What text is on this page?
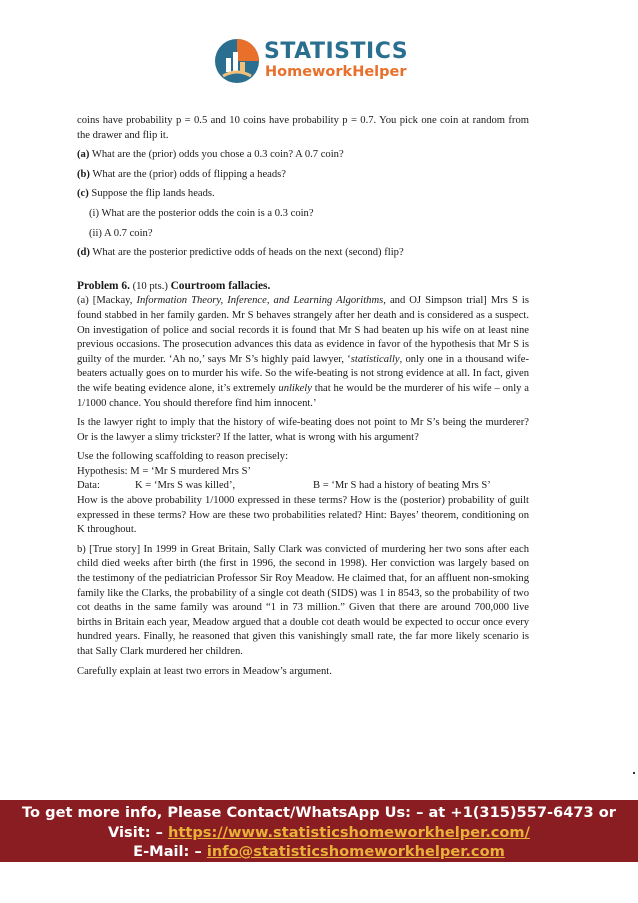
STATISTICS
HomeworkHelper

coins have probability p = 0.5 and 10 coins have probability p = 0.7. You pick one coin at random from the drawer and flip it.

(a) What are the (prior) odds you chose a 0.3 coin? A 0.7 coin?

(b) What are the (prior) odds of flipping a heads?

(c) Suppose the flip lands heads.

(i) What are the posterior odds the coin is a 0.3 coin?

(ii) A 0.7 coin?

(d) What are the posterior predictive odds of heads on the next (second) flip?

Problem 6. (10 pts.) Courtroom fallacies.

(a) [Mackay, Information Theory, Inference, and Learning Algorithms, and OJ Simpson trial] Mrs S is found stabbed in her family garden. Mr S behaves strangely after her death and is considered as a suspect. On investigation of police and social records it is found that Mr S had beaten up his wife on at least nine previous occasions. The prosecution advances this data as evidence in favor of the hypothesis that Mr S is guilty of the murder. ‘Ah no,’ says Mr S’s highly paid lawyer, ‘statistically, only one in a thousand wife-beaters actually goes on to murder his wife. So the wife-beating is not strong evidence at all. In fact, given the wife beating evidence alone, it’s extremely unlikely that he would be the murderer of his wife – only a 1/1000 chance. You should therefore find him innocent.’

Is the lawyer right to imply that the history of wife-beating does not point to Mr S’s being the murderer? Or is the lawyer a slimy trickster? If the latter, what is wrong with his argument?

Use the following scaffolding to reason precisely:

Hypothesis: M = ‘Mr S murdered Mrs S’

Data:	K = ‘Mrs S was killed’,	B = ‘Mr S had a history of beating Mrs S’

How is the above probability 1/1000 expressed in these terms? How is the (posterior) probability of guilt expressed in these terms? How are these two probabilities related? Hint: Bayes’ theorem, conditioning on K throughout.

b) [True story] In 1999 in Great Britain, Sally Clark was convicted of murdering her two sons after each child died weeks after birth (the first in 1996, the second in 1998). Her conviction was largely based on the testimony of the pediatrician Professor Sir Roy Meadow. He claimed that, for an affluent non-smoking family like the Clarks, the probability of a single cot death (SIDS) was 1 in 8543, so the probability of two cot deaths in the same family was around “1 in 73 million.” Given that there are around 700,000 live births in Britain each year, Meadow argued that a double cot death would be expected to occur once every hundred years. Finally, he reasoned that given this vanishingly small rate, the far more likely scenario is that Sally Clark murdered her children.

Carefully explain at least two errors in Meadow’s argument.

To get more info, Please Contact/WhatsApp Us: – at +1(315)557-6473 or
Visit: – https://www.statisticshomeworkhelper.com/
E-Mail: – info@statisticshomeworkhelper.com
